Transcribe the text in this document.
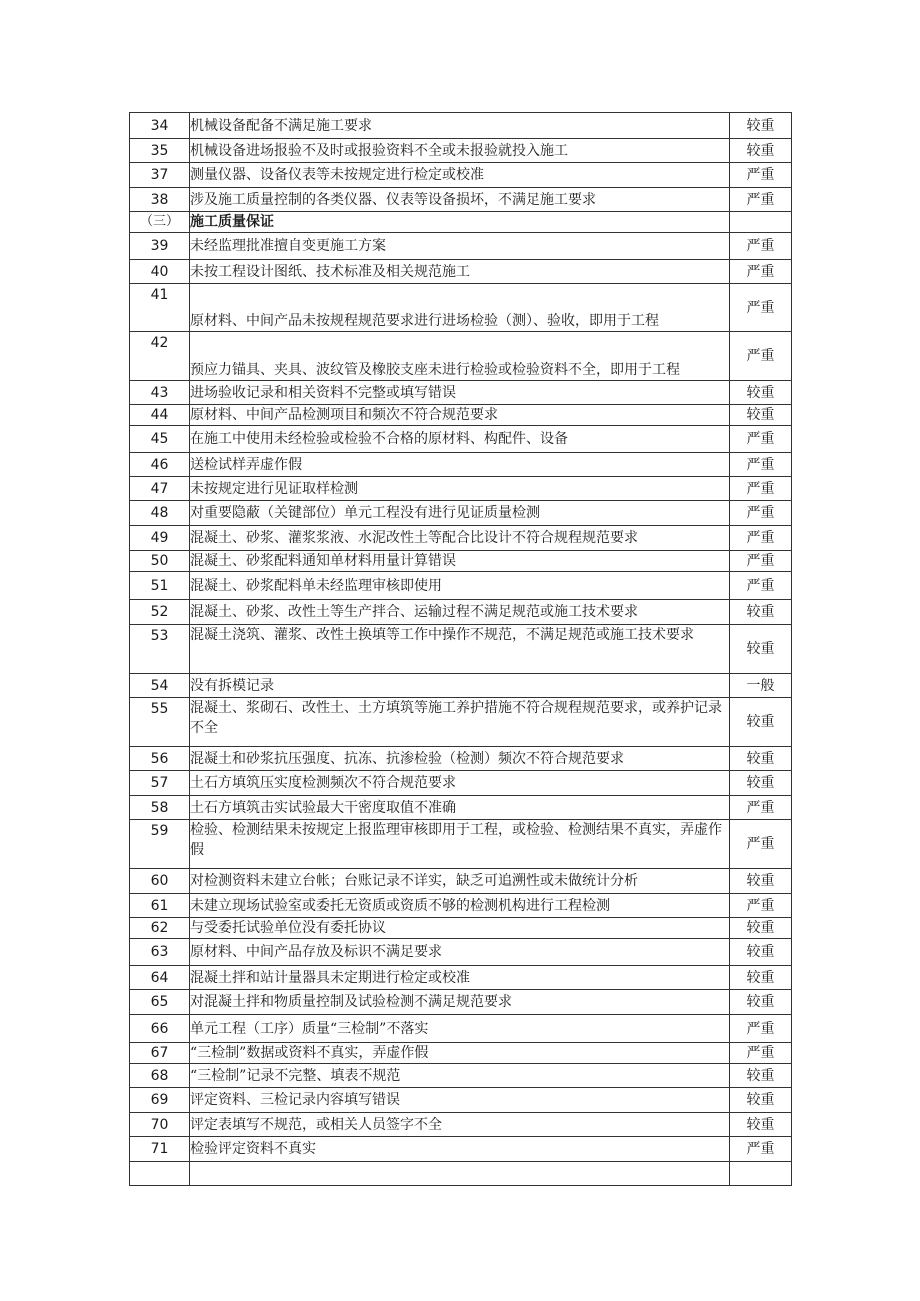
34	机械设备配备不满足施工要求	较重
35	机械设备进场报验不及时或报验资料不全或未报验就投入施工	较重
37	测量仪器、设备仪表等未按规定进行检定或校准	严重
38	涉及施工质量控制的各类仪器、仪表等设备损坏，不满足施工要求	严重
（三）	施工质量保证	
39	未经监理批准擅自变更施工方案	严重
40	未按工程设计图纸、技术标准及相关规范施工	严重
41	原材料、中间产品未按规程规范要求进行进场检验（测）、验收，即用于工程	严重
42	预应力锚具、夹具、波纹管及橡胶支座未进行检验或检验资料不全，即用于工程	严重
43	进场验收记录和相关资料不完整或填写错误	较重
44	原材料、中间产品检测项目和频次不符合规范要求	较重
45	在施工中使用未经检验或检验不合格的原材料、构配件、设备	严重
46	送检试样弄虚作假	严重
47	未按规定进行见证取样检测	严重
48	对重要隐蔽（关键部位）单元工程没有进行见证质量检测	严重
49	混凝土、砂浆、灌浆浆液、水泥改性土等配合比设计不符合规程规范要求	严重
50	混凝土、砂浆配料通知单材料用量计算错误	严重
51	混凝土、砂浆配料单未经监理审核即使用	严重
52	混凝土、砂浆、改性土等生产拌合、运输过程不满足规范或施工技术要求	较重
53	混凝土浇筑、灌浆、改性土换填等工作中操作不规范，不满足规范或施工技术要求	较重
54	没有拆模记录	一般
55	混凝土、浆砌石、改性土、土方填筑等施工养护措施不符合规程规范要求，或养护记录不全	较重
56	混凝土和砂浆抗压强度、抗冻、抗渗检验（检测）频次不符合规范要求	较重
57	土石方填筑压实度检测频次不符合规范要求	较重
58	土石方填筑击实试验最大干密度取值不准确	严重
59	检验、检测结果未按规定上报监理审核即用于工程，或检验、检测结果不真实，弄虚作假	严重
60	对检测资料未建立台帐；台账记录不详实，缺乏可追溯性或未做统计分析	较重
61	未建立现场试验室或委托无资质或资质不够的检测机构进行工程检测	严重
62	与受委托试验单位没有委托协议	较重
63	原材料、中间产品存放及标识不满足要求	较重
64	混凝土拌和站计量器具未定期进行检定或校准	较重
65	对混凝土拌和物质量控制及试验检测不满足规范要求	较重
66	单元工程（工序）质量“三检制”不落实	严重
67	“三检制”数据或资料不真实，弄虚作假	严重
68	“三检制”记录不完整、填表不规范	较重
69	评定资料、三检记录内容填写错误	较重
70	评定表填写不规范，或相关人员签字不全	较重
71	检验评定资料不真实	严重
